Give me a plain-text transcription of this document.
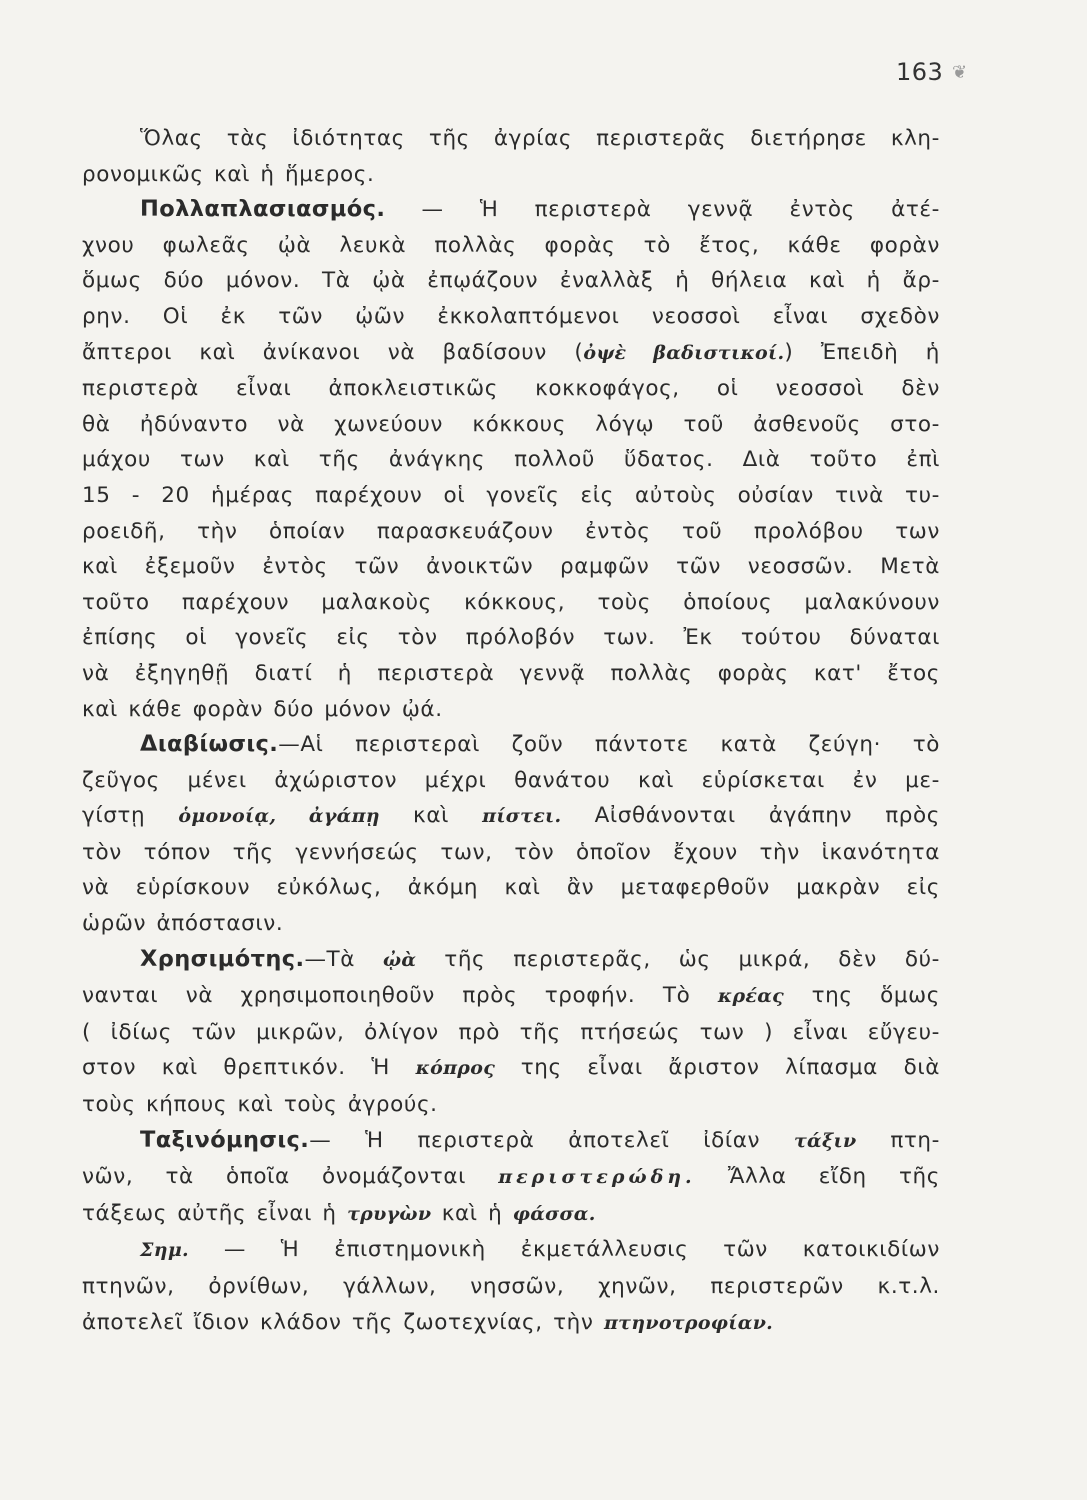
163 ❦
Ὅλας τὰς ἰδιότητας τῆς ἀγρίας περιστερᾶς διετήρησε κλη-
ρονομικῶς καὶ ἡ ἥμερος.
Πολλαπλασιασμός. — Ἡ περιστερὰ γεννᾷ ἐντὸς ἀτέ-
χνου φωλεᾶς ᾠὰ λευκὰ πολλὰς φορὰς τὸ ἔτος, κάθε φορὰν
ὅμως δύο μόνον. Τὰ ᾠὰ ἐπῳάζουν ἐναλλὰξ ἡ θήλεια καὶ ἡ ἄρ-
ρην. Οἱ ἐκ τῶν ᾠῶν ἐκκολαπτόμενοι νεοσσοὶ εἶναι σχεδὸν
ἄπτεροι καὶ ἀνίκανοι νὰ βαδίσουν (ὀψὲ βαδιστικοί.) Ἐπειδὴ ἡ
περιστερὰ εἶναι ἀποκλειστικῶς κοκκοφάγος, οἱ νεοσσοὶ δὲν
θὰ ἠδύναντο νὰ χωνεύουν κόκκους λόγῳ τοῦ ἀσθενοῦς στο-
μάχου των καὶ τῆς ἀνάγκης πολλοῦ ὕδατος. Διὰ τοῦτο ἐπὶ
15 - 20 ἡμέρας παρέχουν οἱ γονεῖς εἰς αὐτοὺς οὐσίαν τινὰ τυ-
ροειδῆ, τὴν ὁποίαν παρασκευάζουν ἐντὸς τοῦ προλόβου των
καὶ ἐξεμοῦν ἐντὸς τῶν ἀνοικτῶν ραμφῶν τῶν νεοσσῶν. Μετὰ
τοῦτο παρέχουν μαλακοὺς κόκκους, τοὺς ὁποίους μαλακύνουν
ἐπίσης οἱ γονεῖς εἰς τὸν πρόλοβόν των. Ἐκ τούτου δύναται
νὰ ἐξηγηθῇ διατί ἡ περιστερὰ γεννᾷ πολλὰς φορὰς κατ' ἔτος
καὶ κάθε φορὰν δύο μόνον ᾠά.
Διαβίωσις.—Αἱ περιστεραὶ ζοῦν πάντοτε κατὰ ζεύγη· τὸ
ζεῦγος μένει ἀχώριστον μέχρι θανάτου καὶ εὑρίσκεται ἐν με-
γίστῃ ὁμονοίᾳ, ἀγάπῃ καὶ πίστει. Αἰσθάνονται ἀγάπην πρὸς
τὸν τόπον τῆς γεννήσεώς των, τὸν ὁποῖον ἔχουν τὴν ἱκανότητα
νὰ εὑρίσκουν εὐκόλως, ἀκόμη καὶ ἂν μεταφερθοῦν μακρὰν εἰς
ὡρῶν ἀπόστασιν.
Χρησιμότης.—Τὰ ᾠὰ τῆς περιστερᾶς, ὡς μικρά, δὲν δύ-
νανται νὰ χρησιμοποιηθοῦν πρὸς τροφήν. Τὸ κρέας της ὅμως
( ἰδίως τῶν μικρῶν, ὀλίγον πρὸ τῆς πτήσεώς των ) εἶναι εὔγευ-
στον καὶ θρεπτικόν. Ἡ κόπρος της εἶναι ἄριστον λίπασμα διὰ
τοὺς κήπους καὶ τοὺς ἀγρούς.
Ταξινόμησις.— Ἡ περιστερὰ ἀποτελεῖ ἰδίαν τάξιν πτη-
νῶν, τὰ ὁποῖα ὀνομάζονται περιστερώδη. Ἄλλα εἴδη τῆς
τάξεως αὐτῆς εἶναι ἡ τρυγὼν καὶ ἡ φάσσα.
Σημ. — Ἡ ἐπιστημονικὴ ἐκμετάλλευσις τῶν κατοικιδίων
πτηνῶν, ὀρνίθων, γάλλων, νησσῶν, χηνῶν, περιστερῶν κ.τ.λ.
ἀποτελεῖ ἴδιον κλάδον τῆς ζωοτεχνίας, τὴν πτηνοτροφίαν.
